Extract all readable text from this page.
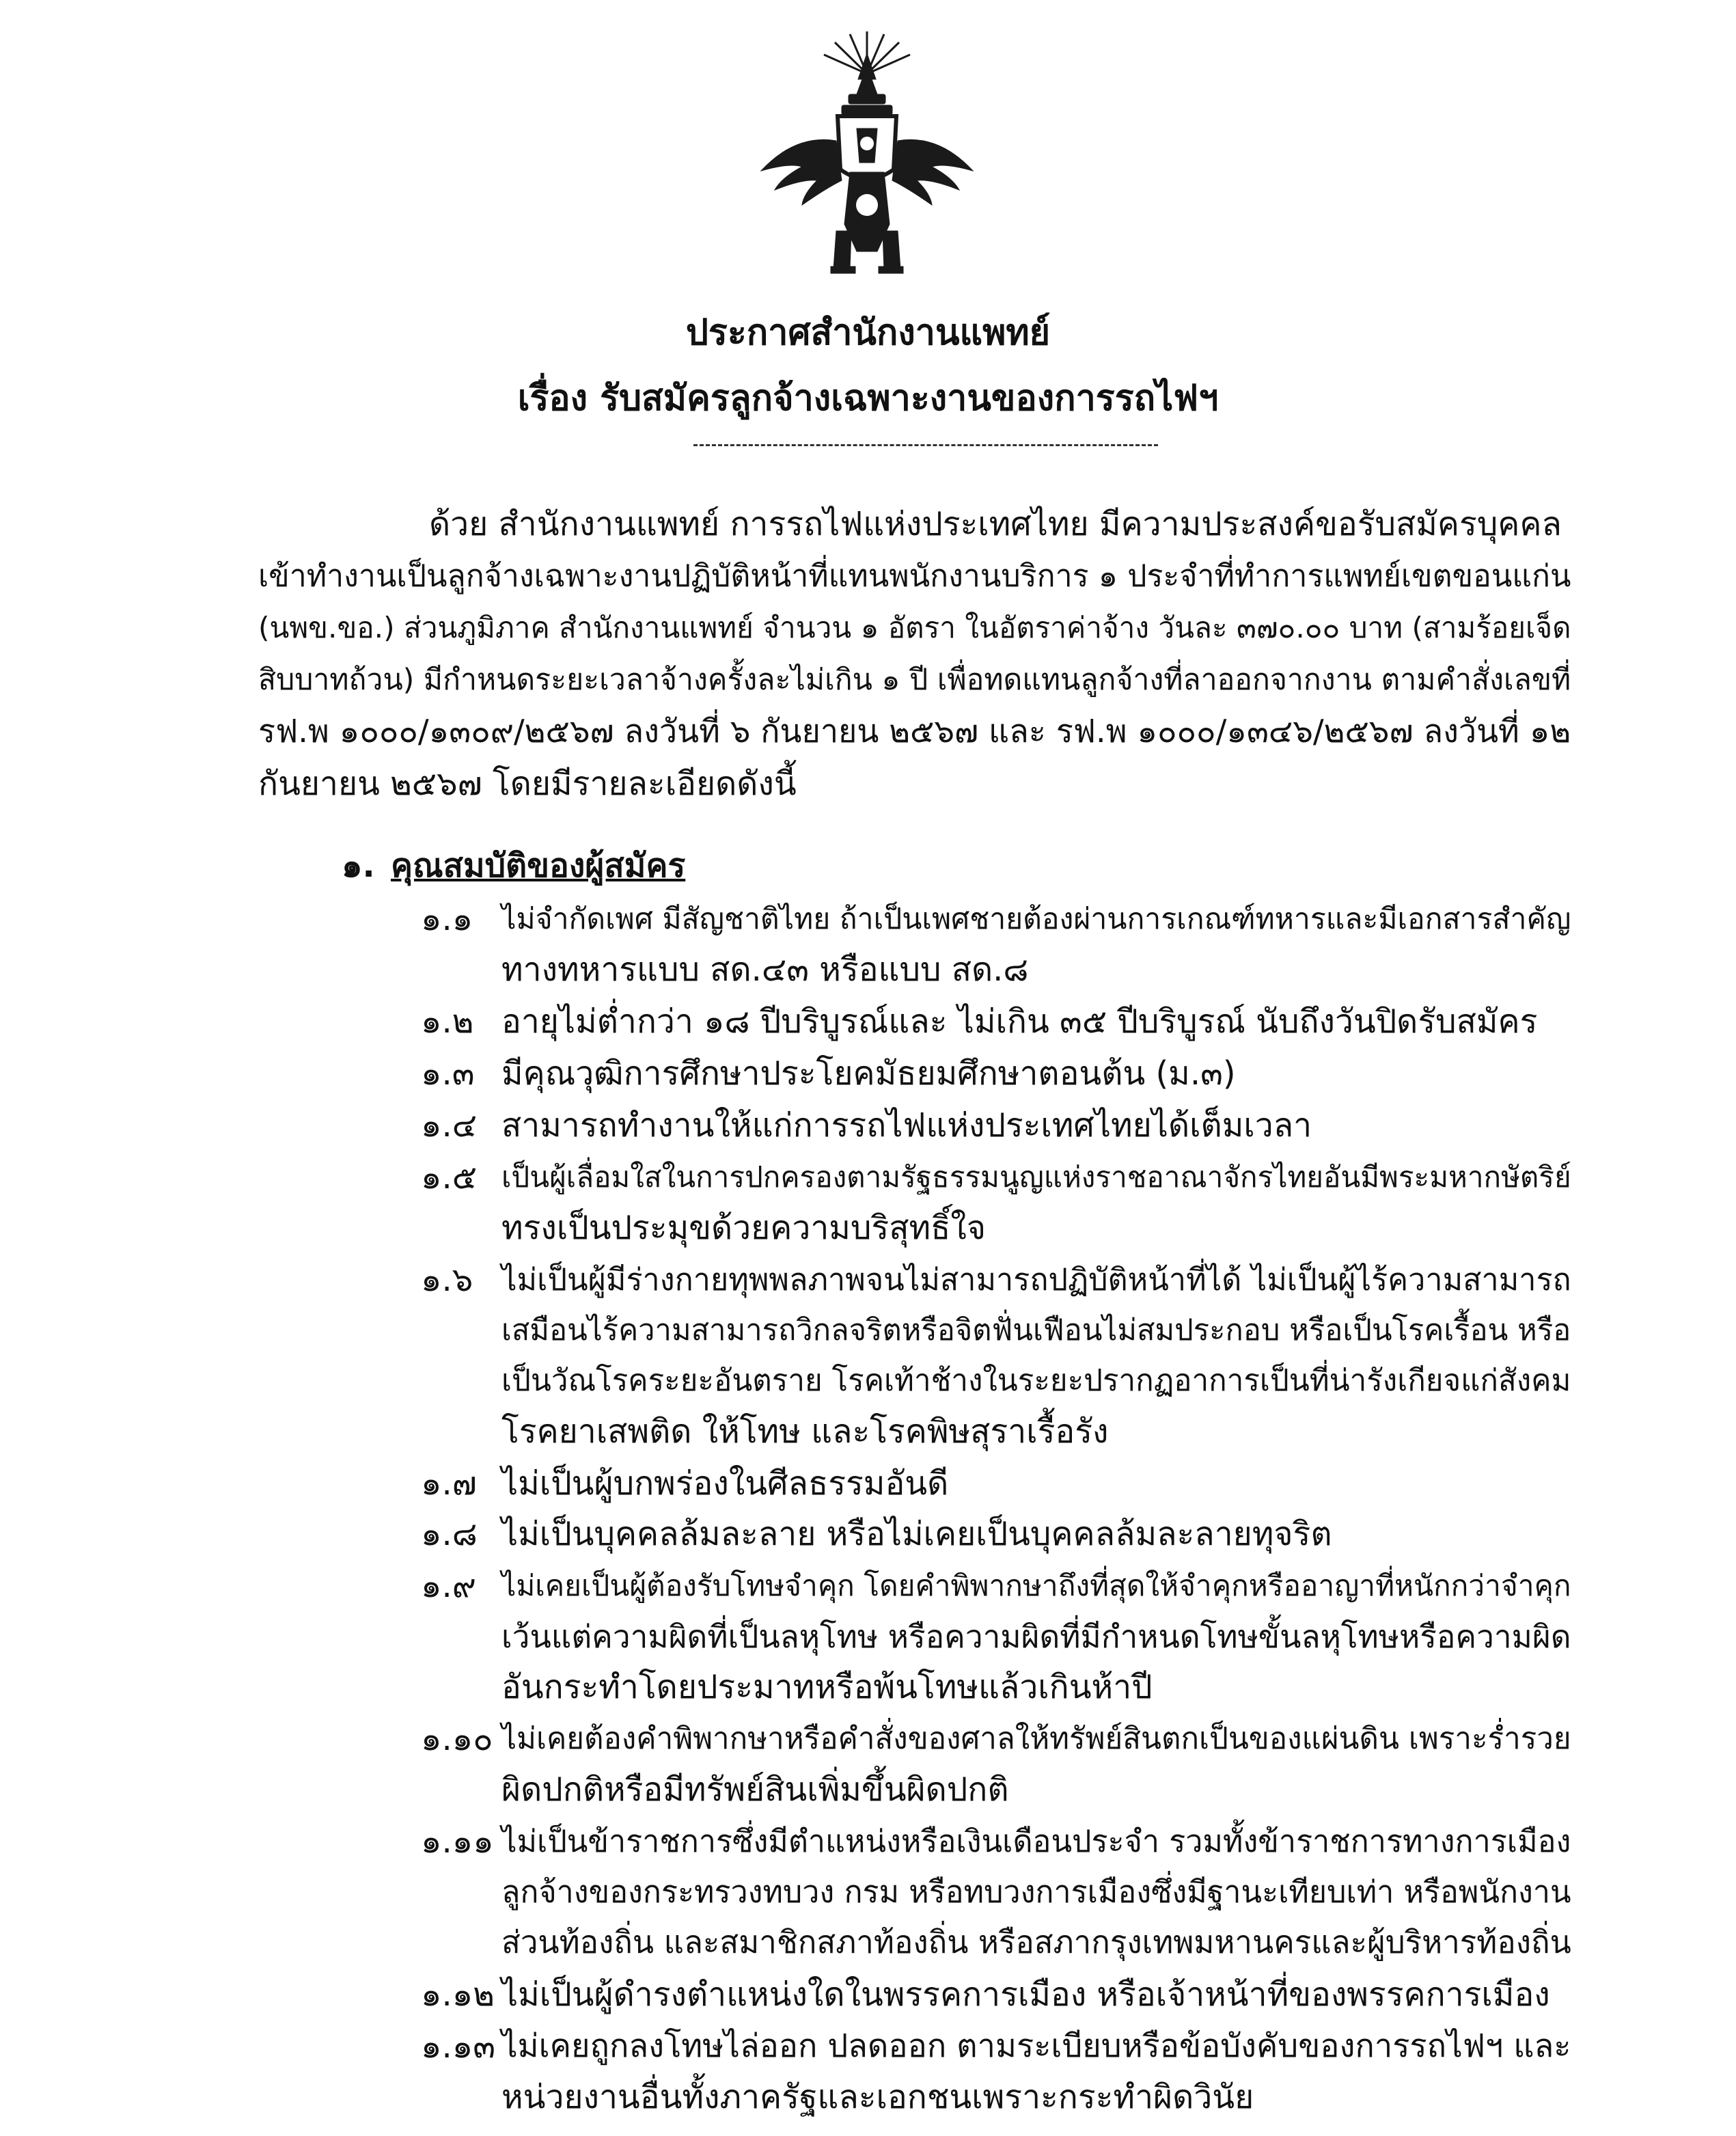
ประกาศสำนักงานแพทย์
เรื่อง รับสมัครลูกจ้างเฉพาะงานของการรถไฟฯ

ด้วย สำนักงานแพทย์ การรถไฟแห่งประเทศไทย มีความประสงค์ขอรับสมัครบุคคล

เข้าทำงานเป็นลูกจ้างเฉพาะงานปฏิบัติหน้าที่แทนพนักงานบริการ ๑ ประจำที่ทำการแพทย์เขตขอนแก่น

(นพข.ขอ.) ส่วนภูมิภาค สำนักงานแพทย์ จำนวน ๑ อัตรา ในอัตราค่าจ้าง วันละ ๓๗๐.๐๐ บาท (สามร้อยเจ็ด

สิบบาทถ้วน) มีกำหนดระยะเวลาจ้างครั้งละไม่เกิน ๑ ปี เพื่อทดแทนลูกจ้างที่ลาออกจากงาน ตามคำสั่งเลขที่

รฟ.พ ๑๐๐๐/๑๓๐๙/๒๕๖๗ ลงวันที่ ๖ กันยายน ๒๕๖๗ และ รฟ.พ ๑๐๐๐/๑๓๔๖/๒๕๖๗ ลงวันที่ ๑๒

กันยายน ๒๕๖๗ โดยมีรายละเอียดดังนี้

๑. คุณสมบัติของผู้สมัคร
๑.๑ ไม่จำกัดเพศ มีสัญชาติไทย ถ้าเป็นเพศชายต้องผ่านการเกณฑ์ทหารและมีเอกสารสำคัญ

ทางทหารแบบ สด.๔๓ หรือแบบ สด.๘

๑.๒ อายุไม่ต่ำกว่า ๑๘ ปีบริบูรณ์และ ไม่เกิน ๓๕ ปีบริบูรณ์ นับถึงวันปิดรับสมัคร

๑.๓ มีคุณวุฒิการศึกษาประโยคมัธยมศึกษาตอนต้น (ม.๓)

๑.๔ สามารถทำงานให้แก่การรถไฟแห่งประเทศไทยได้เต็มเวลา

๑.๕ เป็นผู้เลื่อมใสในการปกครองตามรัฐธรรมนูญแห่งราชอาณาจักรไทยอันมีพระมหากษัตริย์

ทรงเป็นประมุขด้วยความบริสุทธิ์ใจ

๑.๖ ไม่เป็นผู้มีร่างกายทุพพลภาพจนไม่สามารถปฏิบัติหน้าที่ได้ ไม่เป็นผู้ไร้ความสามารถ

เสมือนไร้ความสามารถวิกลจริตหรือจิตฟั่นเฟือนไม่สมประกอบ หรือเป็นโรคเรื้อน หรือ

เป็นวัณโรคระยะอันตราย โรคเท้าช้างในระยะปรากฏอาการเป็นที่น่ารังเกียจแก่สังคม

โรคยาเสพติด ให้โทษ และโรคพิษสุราเรื้อรัง

๑.๗ ไม่เป็นผู้บกพร่องในศีลธรรมอันดี

๑.๘ ไม่เป็นบุคคลล้มละลาย หรือไม่เคยเป็นบุคคลล้มละลายทุจริต

๑.๙ ไม่เคยเป็นผู้ต้องรับโทษจำคุก โดยคำพิพากษาถึงที่สุดให้จำคุกหรืออาญาที่หนักกว่าจำคุก

เว้นแต่ความผิดที่เป็นลหุโทษ หรือความผิดที่มีกำหนดโทษขั้นลหุโทษหรือความผิด

อันกระทำโดยประมาทหรือพ้นโทษแล้วเกินห้าปี

๑.๑๐ ไม่เคยต้องคำพิพากษาหรือคำสั่งของศาลให้ทรัพย์สินตกเป็นของแผ่นดิน เพราะร่ำรวย

ผิดปกติหรือมีทรัพย์สินเพิ่มขึ้นผิดปกติ

๑.๑๑ ไม่เป็นข้าราชการซึ่งมีตำแหน่งหรือเงินเดือนประจำ รวมทั้งข้าราชการทางการเมือง

ลูกจ้างของกระทรวงทบวง กรม หรือทบวงการเมืองซึ่งมีฐานะเทียบเท่า หรือพนักงาน

ส่วนท้องถิ่น และสมาชิกสภาท้องถิ่น หรือสภากรุงเทพมหานครและผู้บริหารท้องถิ่น

๑.๑๒ ไม่เป็นผู้ดำรงตำแหน่งใดในพรรคการเมือง หรือเจ้าหน้าที่ของพรรคการเมือง

๑.๑๓ ไม่เคยถูกลงโทษไล่ออก ปลดออก ตามระเบียบหรือข้อบังคับของการรถไฟฯ และ

หน่วยงานอื่นทั้งภาครัฐและเอกชนเพราะกระทำผิดวินัย
